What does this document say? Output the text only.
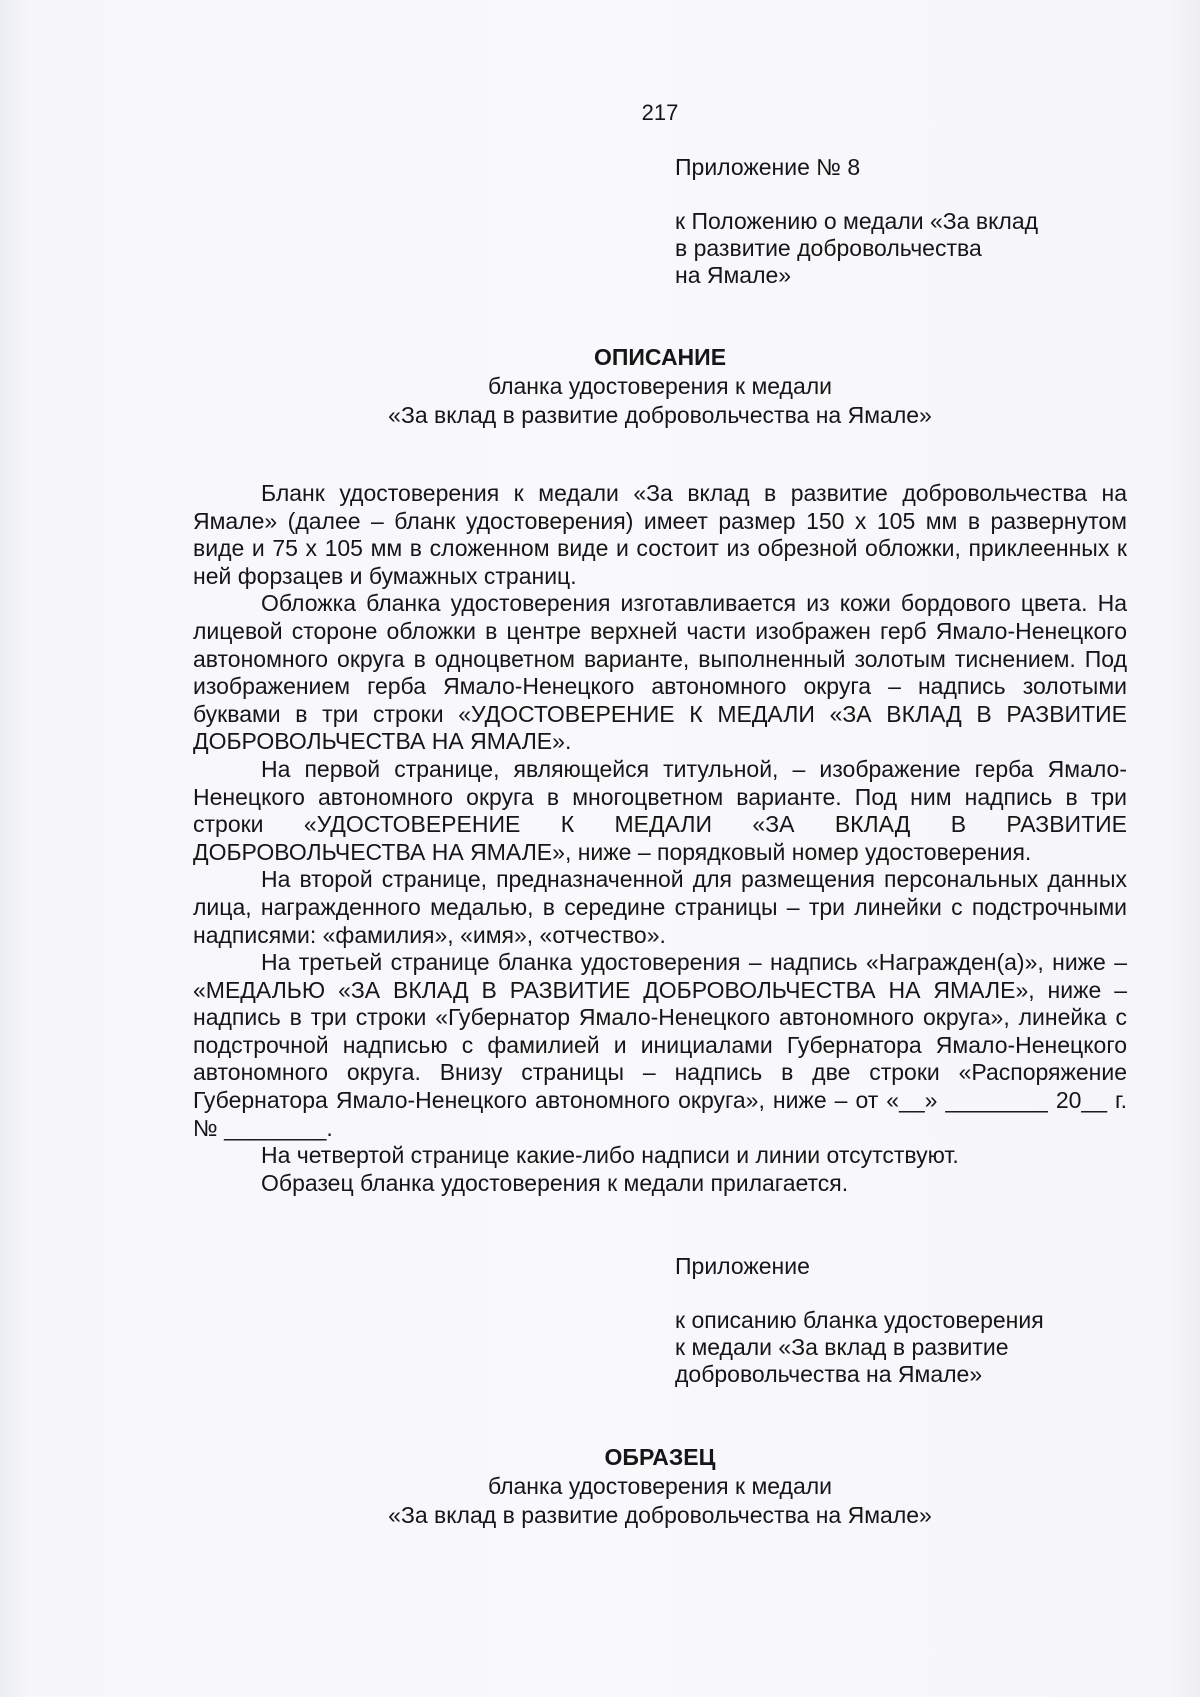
217
Приложение № 8
к Положению о медали «За вклад
в развитие добровольчества
на Ямале»
ОПИСАНИЕ
бланка удостоверения к медали
«За вклад в развитие добровольчества на Ямале»

Бланк удостоверения к медали «За вклад в развитие добровольчества на Ямале» (далее – бланк удостоверения) имеет размер 150 х 105 мм в развернутом виде и 75 х 105 мм в сложенном виде и состоит из обрезной обложки, приклеенных к ней форзацев и бумажных страниц.

Обложка бланка удостоверения изготавливается из кожи бордового цвета. На лицевой стороне обложки в центре верхней части изображен герб Ямало-Ненецкого автономного округа в одноцветном варианте, выполненный золотым тиснением. Под изображением герба Ямало-Ненецкого автономного округа – надпись золотыми буквами в три строки «УДОСТОВЕРЕНИЕ К МЕДАЛИ «ЗА ВКЛАД В РАЗВИТИЕ ДОБРОВОЛЬЧЕСТВА НА ЯМАЛЕ».

На первой странице, являющейся титульной, – изображение герба Ямало-Ненецкого автономного округа в многоцветном варианте. Под ним надпись в три строки «УДОСТОВЕРЕНИЕ К МЕДАЛИ «ЗА ВКЛАД В РАЗВИТИЕ ДОБРОВОЛЬЧЕСТВА НА ЯМАЛЕ», ниже – порядковый номер удостоверения.

На второй странице, предназначенной для размещения персональных данных лица, награжденного медалью, в середине страницы – три линейки с подстрочными надписями: «фамилия», «имя», «отчество».

На третьей странице бланка удостоверения – надпись «Награжден(а)», ниже – «МЕДАЛЬЮ «ЗА ВКЛАД В РАЗВИТИЕ ДОБРОВОЛЬЧЕСТВА НА ЯМАЛЕ», ниже – надпись в три строки «Губернатор Ямало-Ненецкого автономного округа», линейка с подстрочной надписью с фамилией и инициалами Губернатора Ямало-Ненецкого автономного округа. Внизу страницы – надпись в две строки «Распоряжение Губернатора Ямало-Ненецкого автономного округа», ниже – от «__» ________ 20__ г. № ________.

На четвертой странице какие-либо надписи и линии отсутствуют.

Образец бланка удостоверения к медали прилагается.

Приложение
к описанию бланка удостоверения
к медали «За вклад в развитие
добровольчества на Ямале»
ОБРАЗЕЦ
бланка удостоверения к медали
«За вклад в развитие добровольчества на Ямале»
